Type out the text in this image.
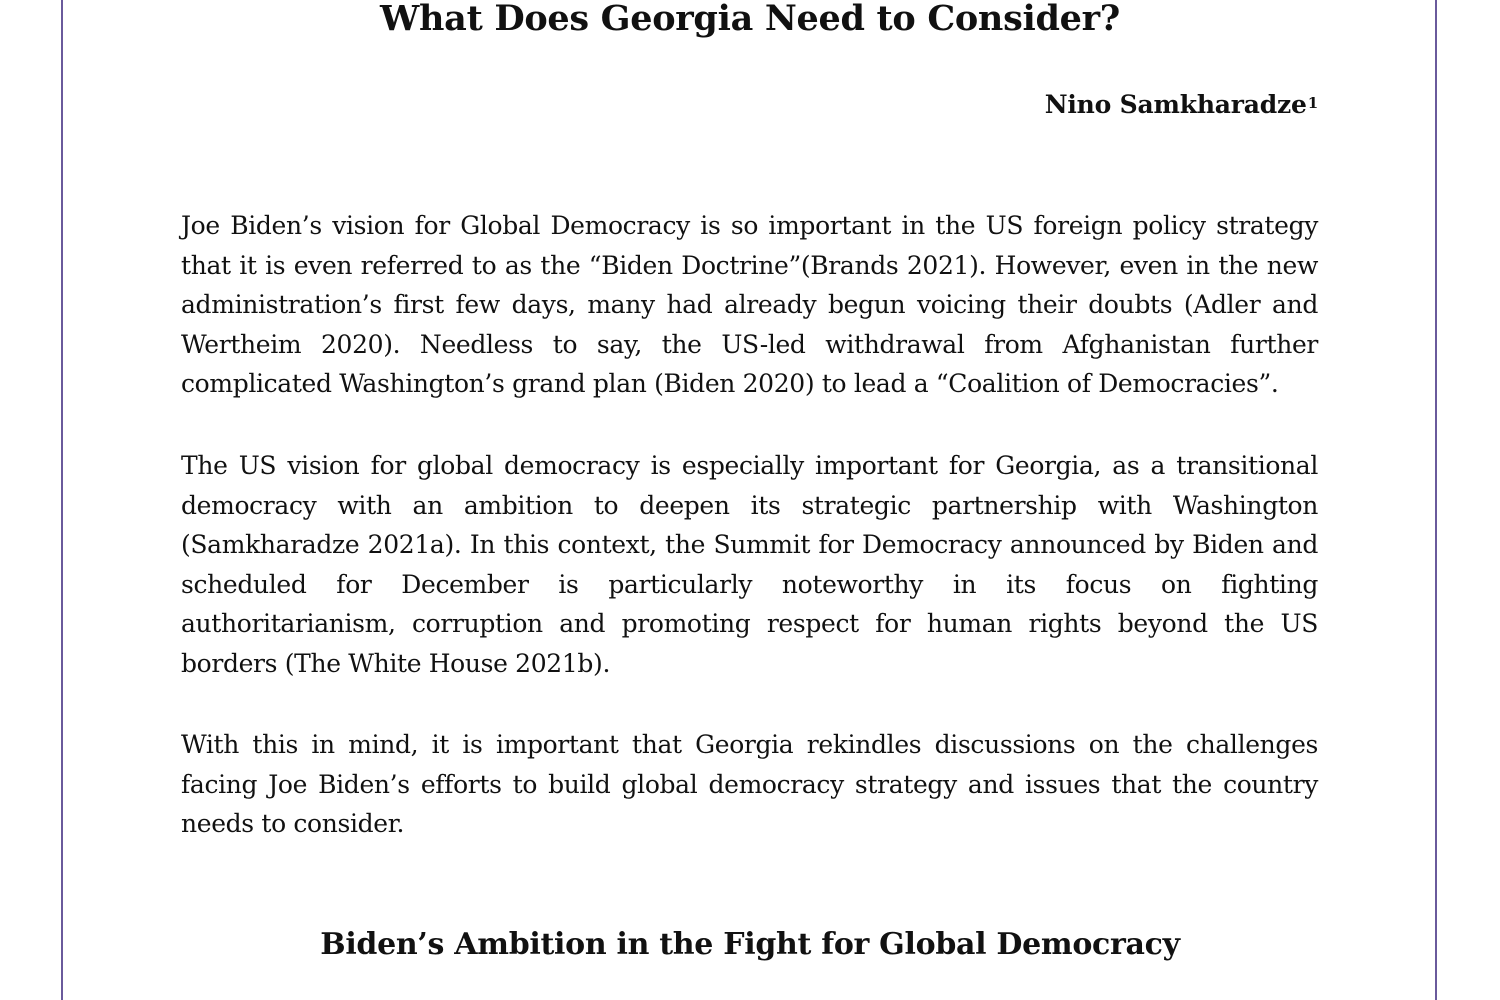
What Does Georgia Need to Consider?

Nino Samkharadze$^1$

Joe Biden’s vision for Global Democracy is so important in the US foreign policy strategy that it is even referred to as the “Biden Doctrine”(Brands 2021). However, even in the new administration’s first few days, many had already begun voicing their doubts (Adler and Wertheim 2020). Needless to say, the US-led withdrawal from Afghanistan further complicated Washington’s grand plan (Biden 2020) to lead a “Coalition of Democracies”.

The US vision for global democracy is especially important for Georgia, as a transitional democracy with an ambition to deepen its strategic partnership with Washington (Samkharadze 2021a). In this context, the Summit for Democracy announced by Biden and scheduled for December is particularly noteworthy in its focus on fighting authoritarianism, corruption and promoting respect for human rights beyond the US borders (The White House 2021b).

With this in mind, it is important that Georgia rekindles discussions on the challenges facing Joe Biden’s efforts to build global democracy strategy and issues that the country needs to consider.

Biden’s Ambition in the Fight for Global Democracy
